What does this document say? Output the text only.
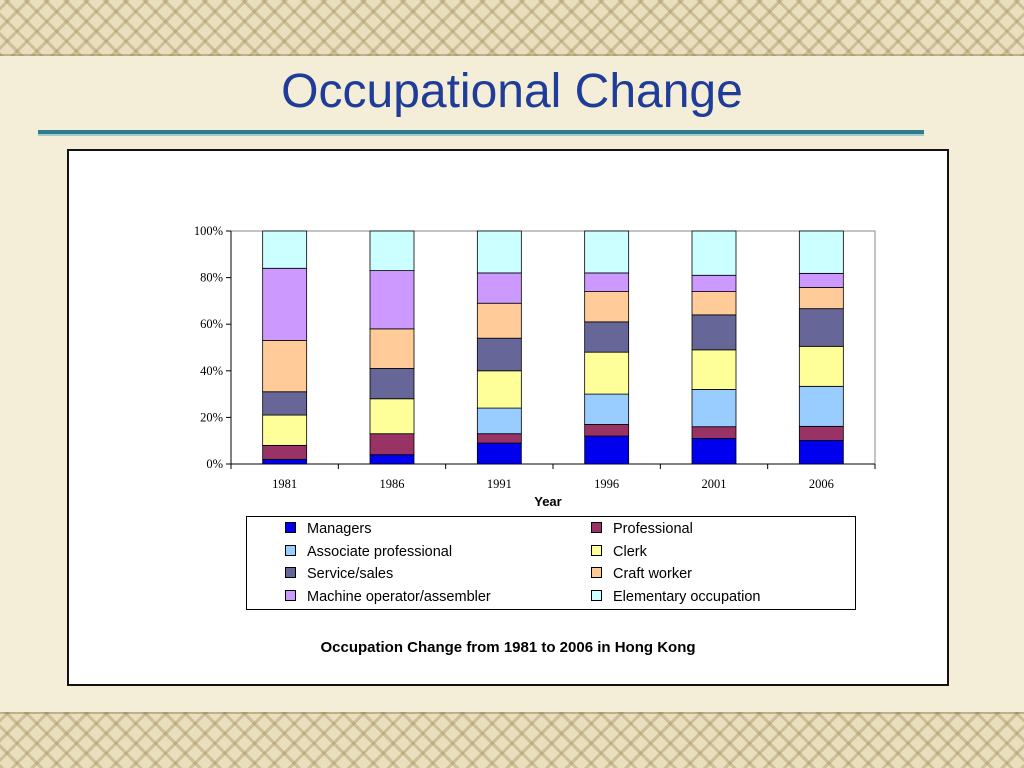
Occupational Change
0%
20%
40%
60%
80%
100%
1981	1986	1991	1996	2001	2006
Year
Managers	Professional
Associate professional	Clerk
Service/sales	Craft worker
Machine operator/assembler	Elementary occupation
Occupation Change from 1981 to 2006 in Hong Kong
